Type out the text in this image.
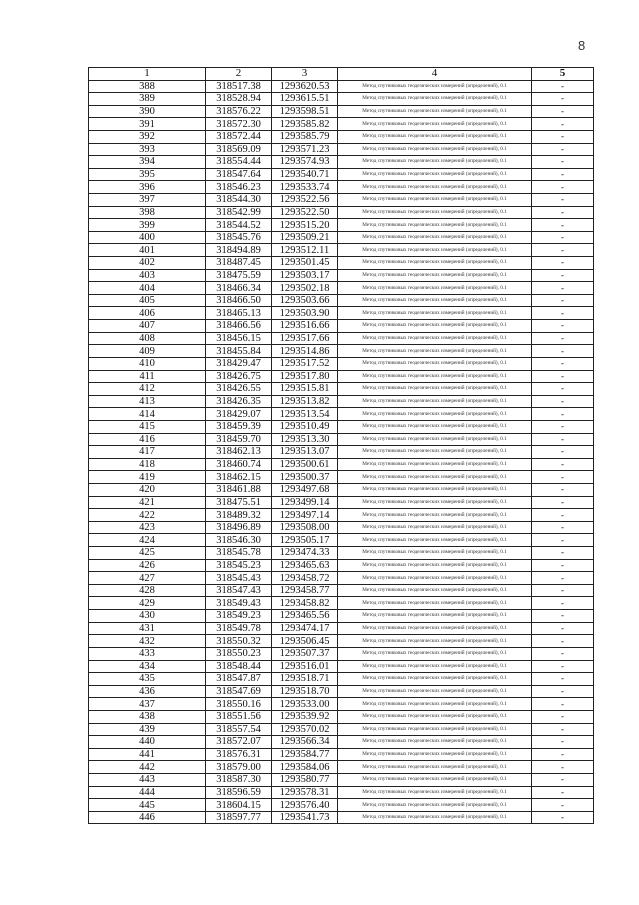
8
1	2	3	4	5
388	318517.38	1293620.53	Метод спутниковых геодезических измерений (определений), 0.1	-
389	318528.94	1293615.51	Метод спутниковых геодезических измерений (определений), 0.1	-
390	318576.22	1293598.51	Метод спутниковых геодезических измерений (определений), 0.1	-
391	318572.30	1293585.82	Метод спутниковых геодезических измерений (определений), 0.1	-
392	318572.44	1293585.79	Метод спутниковых геодезических измерений (определений), 0.1	-
393	318569.09	1293571.23	Метод спутниковых геодезических измерений (определений), 0.1	-
394	318554.44	1293574.93	Метод спутниковых геодезических измерений (определений), 0.1	-
395	318547.64	1293540.71	Метод спутниковых геодезических измерений (определений), 0.1	-
396	318546.23	1293533.74	Метод спутниковых геодезических измерений (определений), 0.1	-
397	318544.30	1293522.56	Метод спутниковых геодезических измерений (определений), 0.1	-
398	318542.99	1293522.50	Метод спутниковых геодезических измерений (определений), 0.1	-
399	318544.52	1293515.20	Метод спутниковых геодезических измерений (определений), 0.1	-
400	318545.76	1293509.21	Метод спутниковых геодезических измерений (определений), 0.1	-
401	318494.89	1293512.11	Метод спутниковых геодезических измерений (определений), 0.1	-
402	318487.45	1293501.45	Метод спутниковых геодезических измерений (определений), 0.1	-
403	318475.59	1293503.17	Метод спутниковых геодезических измерений (определений), 0.1	-
404	318466.34	1293502.18	Метод спутниковых геодезических измерений (определений), 0.1	-
405	318466.50	1293503.66	Метод спутниковых геодезических измерений (определений), 0.1	-
406	318465.13	1293503.90	Метод спутниковых геодезических измерений (определений), 0.1	-
407	318466.56	1293516.66	Метод спутниковых геодезических измерений (определений), 0.1	-
408	318456.15	1293517.66	Метод спутниковых геодезических измерений (определений), 0.1	-
409	318455.84	1293514.86	Метод спутниковых геодезических измерений (определений), 0.1	-
410	318429.47	1293517.52	Метод спутниковых геодезических измерений (определений), 0.1	-
411	318426.75	1293517.80	Метод спутниковых геодезических измерений (определений), 0.1	-
412	318426.55	1293515.81	Метод спутниковых геодезических измерений (определений), 0.1	-
413	318426.35	1293513.82	Метод спутниковых геодезических измерений (определений), 0.1	-
414	318429.07	1293513.54	Метод спутниковых геодезических измерений (определений), 0.1	-
415	318459.39	1293510.49	Метод спутниковых геодезических измерений (определений), 0.1	-
416	318459.70	1293513.30	Метод спутниковых геодезических измерений (определений), 0.1	-
417	318462.13	1293513.07	Метод спутниковых геодезических измерений (определений), 0.1	-
418	318460.74	1293500.61	Метод спутниковых геодезических измерений (определений), 0.1	-
419	318462.15	1293500.37	Метод спутниковых геодезических измерений (определений), 0.1	-
420	318461.88	1293497.68	Метод спутниковых геодезических измерений (определений), 0.1	-
421	318475.51	1293499.14	Метод спутниковых геодезических измерений (определений), 0.1	-
422	318489.32	1293497.14	Метод спутниковых геодезических измерений (определений), 0.1	-
423	318496.89	1293508.00	Метод спутниковых геодезических измерений (определений), 0.1	-
424	318546.30	1293505.17	Метод спутниковых геодезических измерений (определений), 0.1	-
425	318545.78	1293474.33	Метод спутниковых геодезических измерений (определений), 0.1	-
426	318545.23	1293465.63	Метод спутниковых геодезических измерений (определений), 0.1	-
427	318545.43	1293458.72	Метод спутниковых геодезических измерений (определений), 0.1	-
428	318547.43	1293458.77	Метод спутниковых геодезических измерений (определений), 0.1	-
429	318549.43	1293458.82	Метод спутниковых геодезических измерений (определений), 0.1	-
430	318549.23	1293465.56	Метод спутниковых геодезических измерений (определений), 0.1	-
431	318549.78	1293474.17	Метод спутниковых геодезических измерений (определений), 0.1	-
432	318550.32	1293506.45	Метод спутниковых геодезических измерений (определений), 0.1	-
433	318550.23	1293507.37	Метод спутниковых геодезических измерений (определений), 0.1	-
434	318548.44	1293516.01	Метод спутниковых геодезических измерений (определений), 0.1	-
435	318547.87	1293518.71	Метод спутниковых геодезических измерений (определений), 0.1	-
436	318547.69	1293518.70	Метод спутниковых геодезических измерений (определений), 0.1	-
437	318550.16	1293533.00	Метод спутниковых геодезических измерений (определений), 0.1	-
438	318551.56	1293539.92	Метод спутниковых геодезических измерений (определений), 0.1	-
439	318557.54	1293570.02	Метод спутниковых геодезических измерений (определений), 0.1	-
440	318572.07	1293566.34	Метод спутниковых геодезических измерений (определений), 0.1	-
441	318576.31	1293584.77	Метод спутниковых геодезических измерений (определений), 0.1	-
442	318579.00	1293584.06	Метод спутниковых геодезических измерений (определений), 0.1	-
443	318587.30	1293580.77	Метод спутниковых геодезических измерений (определений), 0.1	-
444	318596.59	1293578.31	Метод спутниковых геодезических измерений (определений), 0.1	-
445	318604.15	1293576.40	Метод спутниковых геодезических измерений (определений), 0.1	-
446	318597.77	1293541.73	Метод спутниковых геодезических измерений (определений), 0.1	-
